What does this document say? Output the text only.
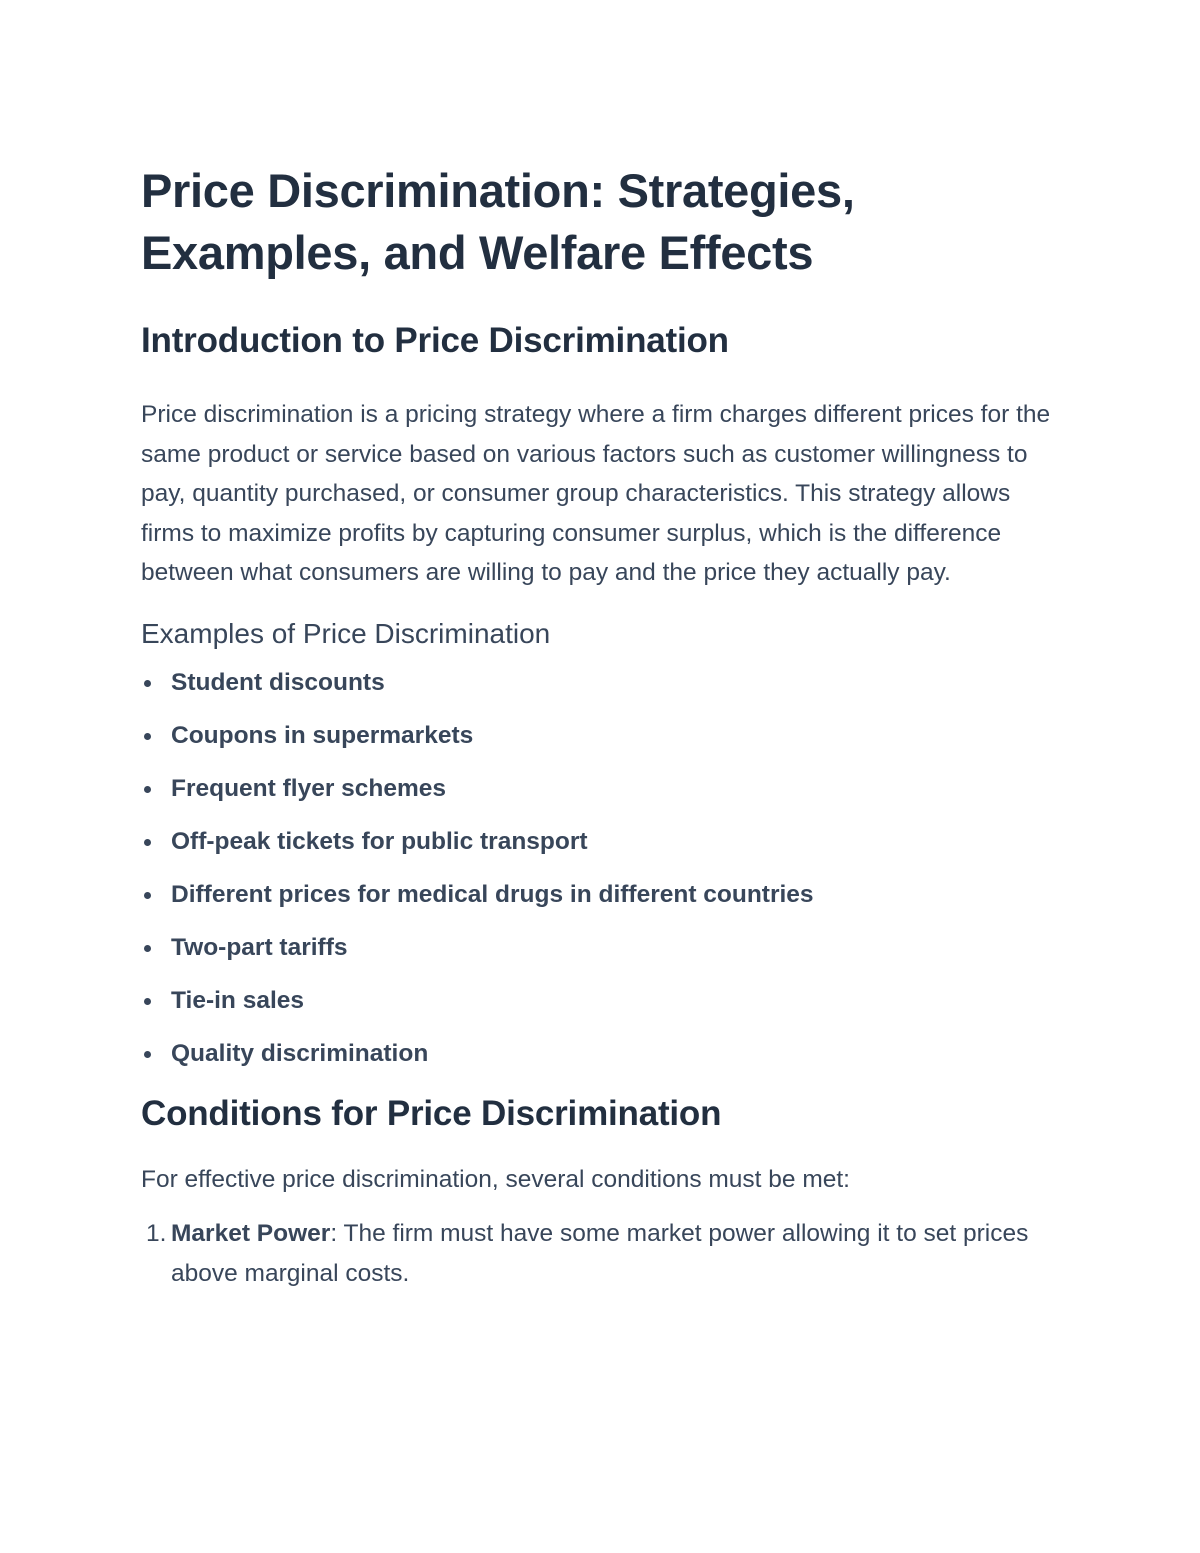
Price Discrimination: Strategies, Examples, and Welfare Effects
Introduction to Price Discrimination

Price discrimination is a pricing strategy where a firm charges different prices for the same product or service based on various factors such as customer willingness to pay, quantity purchased, or consumer group characteristics. This strategy allows firms to maximize profits by capturing consumer surplus, which is the difference between what consumers are willing to pay and the price they actually pay.

Examples of Price Discrimination
Student discounts
Coupons in supermarkets
Frequent flyer schemes
Off-peak tickets for public transport
Different prices for medical drugs in different countries
Two-part tariffs
Tie-in sales
Quality discrimination
Conditions for Price Discrimination

For effective price discrimination, several conditions must be met:

1. Market Power: The firm must have some market power allowing it to set prices above marginal costs.
